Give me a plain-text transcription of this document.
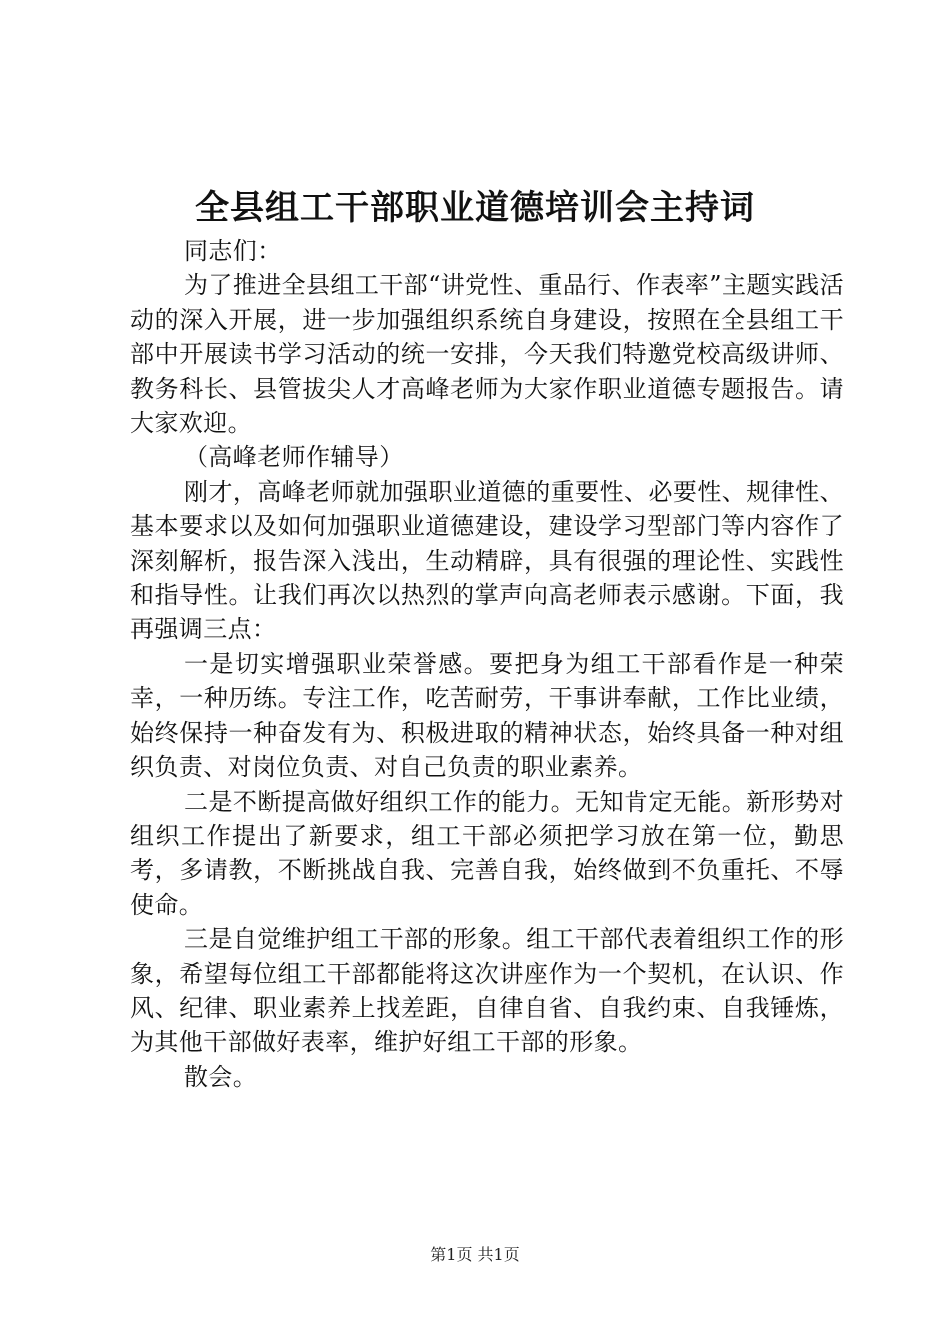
全县组工干部职业道德培训会主持词

同志们：

为了推进全县组工干部“讲党性、重品行、作表率”主题实践活动的深入开展，进一步加强组织系统自身建设，按照在全县组工干部中开展读书学习活动的统一安排，今天我们特邀党校高级讲师、教务科长、县管拔尖人才高峰老师为大家作职业道德专题报告。请大家欢迎。

（高峰老师作辅导）

刚才，高峰老师就加强职业道德的重要性、必要性、规律性、基本要求以及如何加强职业道德建设，建设学习型部门等内容作了深刻解析，报告深入浅出，生动精辟，具有很强的理论性、实践性和指导性。让我们再次以热烈的掌声向高老师表示感谢。下面，我再强调三点：

一是切实增强职业荣誉感。要把身为组工干部看作是一种荣幸，一种历练。专注工作，吃苦耐劳，干事讲奉献，工作比业绩，始终保持一种奋发有为、积极进取的精神状态，始终具备一种对组织负责、对岗位负责、对自己负责的职业素养。

二是不断提高做好组织工作的能力。无知肯定无能。新形势对组织工作提出了新要求，组工干部必须把学习放在第一位，勤思考，多请教，不断挑战自我、完善自我，始终做到不负重托、不辱使命。

三是自觉维护组工干部的形象。组工干部代表着组织工作的形象，希望每位组工干部都能将这次讲座作为一个契机，在认识、作风、纪律、职业素养上找差距，自律自省、自我约束、自我锤炼，为其他干部做好表率，维护好组工干部的形象。

散会。

第1页 共1页
